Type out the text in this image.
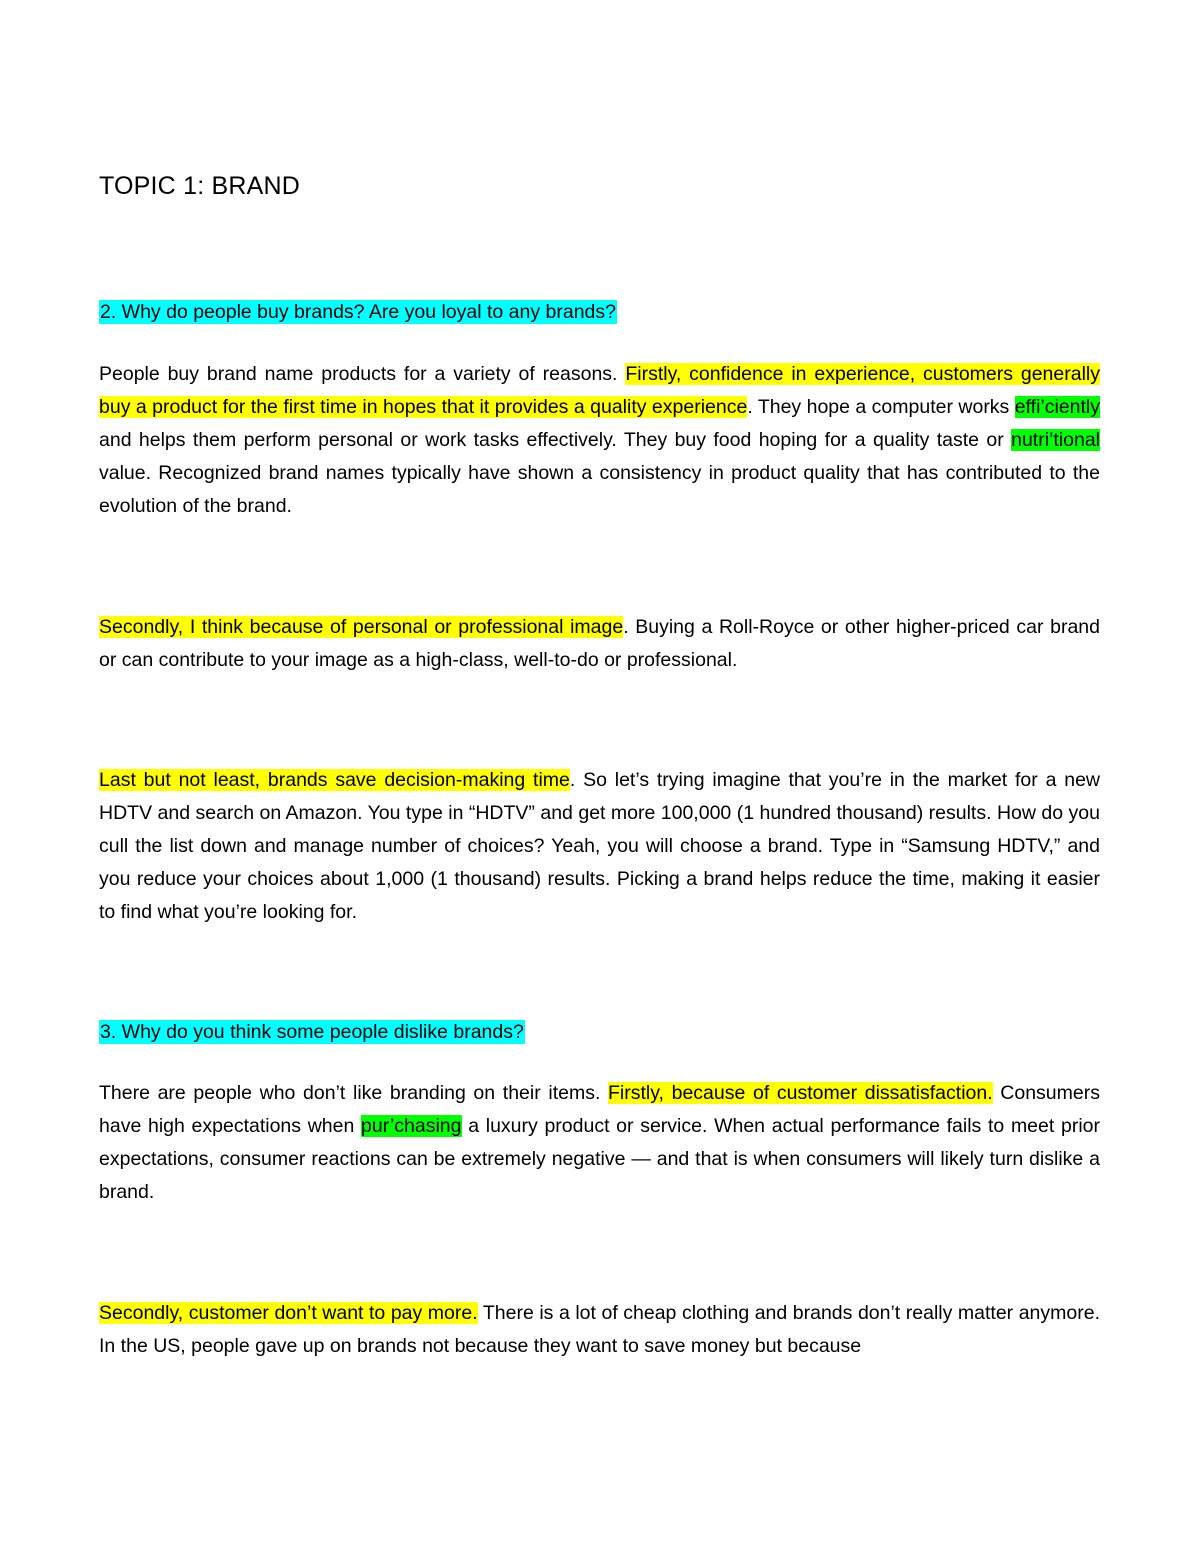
TOPIC 1: BRAND

2. Why do people buy brands? Are you loyal to any brands?

People buy brand name products for a variety of reasons. Firstly, confidence in experience, customers generally buy a product for the first time in hopes that it provides a quality experience. They hope a computer works effi’ciently and helps them perform personal or work tasks effectively. They buy food hoping for a quality taste or nutri’tional value. Recognized brand names typically have shown a consistency in product quality that has contributed to the evolution of the brand.

Secondly, I think because of personal or professional image. Buying a Roll-Royce or other higher-priced car brand or can contribute to your image as a high-class, well-to-do or professional.

Last but not least, brands save decision-making time. So let’s trying imagine that you’re in the market for a new HDTV and search on Amazon. You type in “HDTV” and get more 100,000 (1 hundred thousand) results. How do you cull the list down and manage number of choices? Yeah, you will choose a brand. Type in “Samsung HDTV,” and you reduce your choices about 1,000 (1 thousand) results. Picking a brand helps reduce the time, making it easier to find what you’re looking for.

3. Why do you think some people dislike brands?

There are people who don’t like branding on their items. Firstly, because of customer dissatisfaction. Consumers have high expectations when pur’chasing a luxury product or service. When actual performance fails to meet prior expectations, consumer reactions can be extremely negative — and that is when consumers will likely turn dislike a brand.

Secondly, customer don’t want to pay more. There is a lot of cheap clothing and brands don’t really matter anymore. In the US, people gave up on brands not because they want to save money but because
